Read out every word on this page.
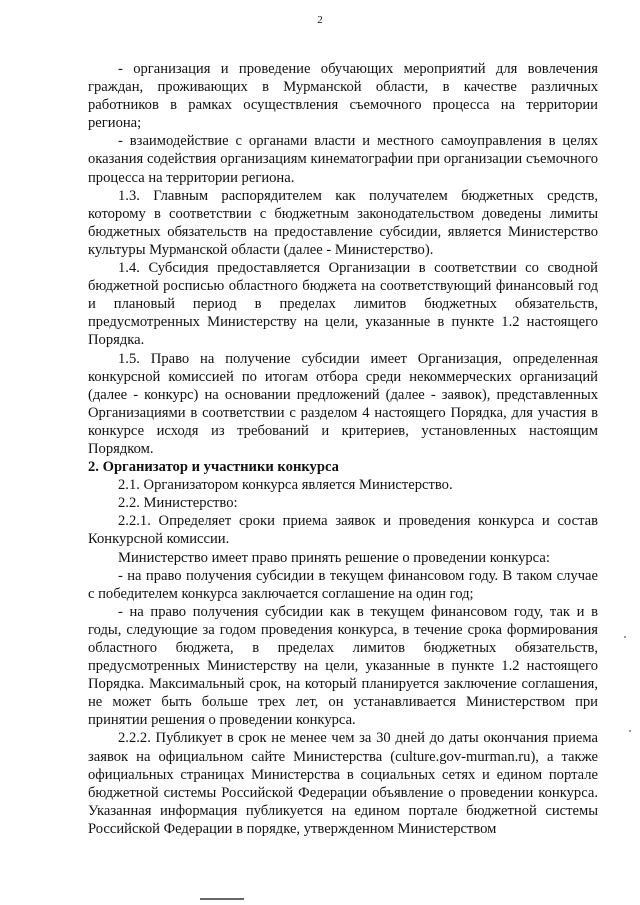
2

- организация и проведение обучающих мероприятий для вовлечения граждан, проживающих в Мурманской области, в качестве различных работников в рамках осуществления съемочного процесса на территории региона;

- взаимодействие с органами власти и местного самоуправления в целях оказания содействия организациям кинематографии при организации съемочного процесса на территории региона.

1.3. Главным распорядителем как получателем бюджетных средств, которому в соответствии с бюджетным законодательством доведены лимиты бюджетных обязательств на предоставление субсидии, является Министерство культуры Мурманской области (далее - Министерство).

1.4. Субсидия предоставляется Организации в соответствии со сводной бюджетной росписью областного бюджета на соответствующий финансовый год и плановый период в пределах лимитов бюджетных обязательств, предусмотренных Министерству на цели, указанные в пункте 1.2 настоящего Порядка.

1.5. Право на получение субсидии имеет Организация, определенная конкурсной комиссией по итогам отбора среди некоммерческих организаций (далее - конкурс) на основании предложений (далее - заявок), представленных Организациями в соответствии с разделом 4 настоящего Порядка, для участия в конкурсе исходя из требований и критериев, установленных настоящим Порядком.

2. Организатор и участники конкурса

2.1. Организатором конкурса является Министерство.

2.2. Министерство:

2.2.1. Определяет сроки приема заявок и проведения конкурса и состав Конкурсной комиссии.

Министерство имеет право принять решение о проведении конкурса:

- на право получения субсидии в текущем финансовом году. В таком случае с победителем конкурса заключается соглашение на один год;

- на право получения субсидии как в текущем финансовом году, так и в годы, следующие за годом проведения конкурса, в течение срока формирования областного бюджета, в пределах лимитов бюджетных обязательств, предусмотренных Министерству на цели, указанные в пункте 1.2 настоящего Порядка. Максимальный срок, на который планируется заключение соглашения, не может быть больше трех лет, он устанавливается Министерством при принятии решения о проведении конкурса.

2.2.2. Публикует в срок не менее чем за 30 дней до даты окончания приема заявок на официальном сайте Министерства (culture.gov-murman.ru), а также официальных страницах Министерства в социальных сетях и едином портале бюджетной системы Российской Федерации объявление о проведении конкурса. Указанная информация публикуется на едином портале бюджетной системы Российской Федерации в порядке, утвержденном Министерством
